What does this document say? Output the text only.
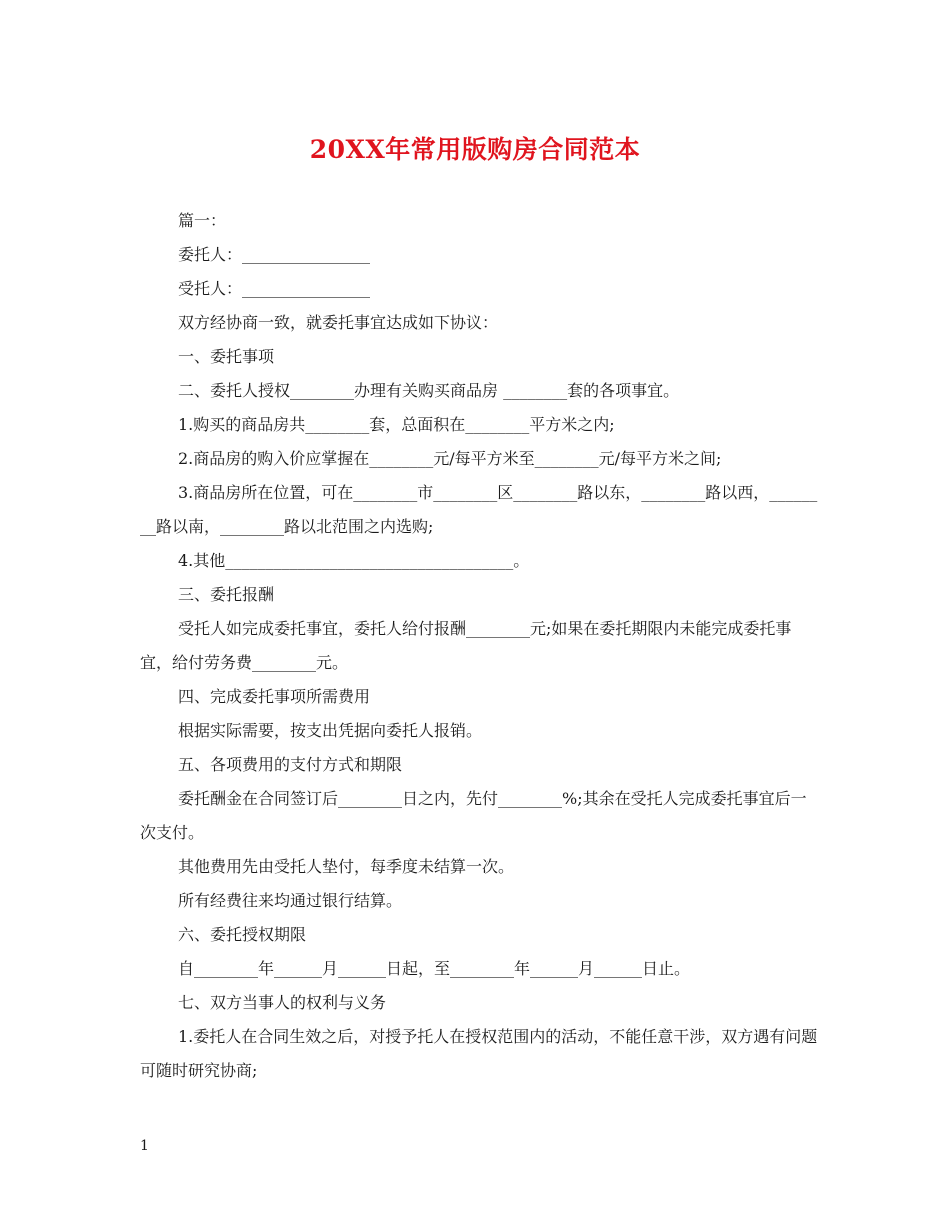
20XX年常用版购房合同范本

篇一：

委托人：________________

受托人：________________

双方经协商一致，就委托事宜达成如下协议：

一、委托事项

二、委托人授权________办理有关购买商品房 ________套的各项事宜。

1.购买的商品房共________套，总面积在________平方米之内;

2.商品房的购入价应掌握在________元/每平方米至________元/每平方米之间;

3.商品房所在位置，可在________市________区________路以东，________路以西，________路以南，________路以北范围之内选购;

4.其他____________________________________。

三、委托报酬

受托人如完成委托事宜，委托人给付报酬________元;如果在委托期限内未能完成委托事宜，给付劳务费________元。

四、完成委托事项所需费用

根据实际需要，按支出凭据向委托人报销。

五、各项费用的支付方式和期限

委托酬金在合同签订后________日之内，先付________%;其余在受托人完成委托事宜后一次支付。

其他费用先由受托人垫付，每季度未结算一次。

所有经费往来均通过银行结算。

六、委托授权期限

自________年______月______日起，至________年______月______日止。

七、双方当事人的权利与义务

1.委托人在合同生效之后，对授予托人在授权范围内的活动，不能任意干涉，双方遇有问题可随时研究协商;

1
